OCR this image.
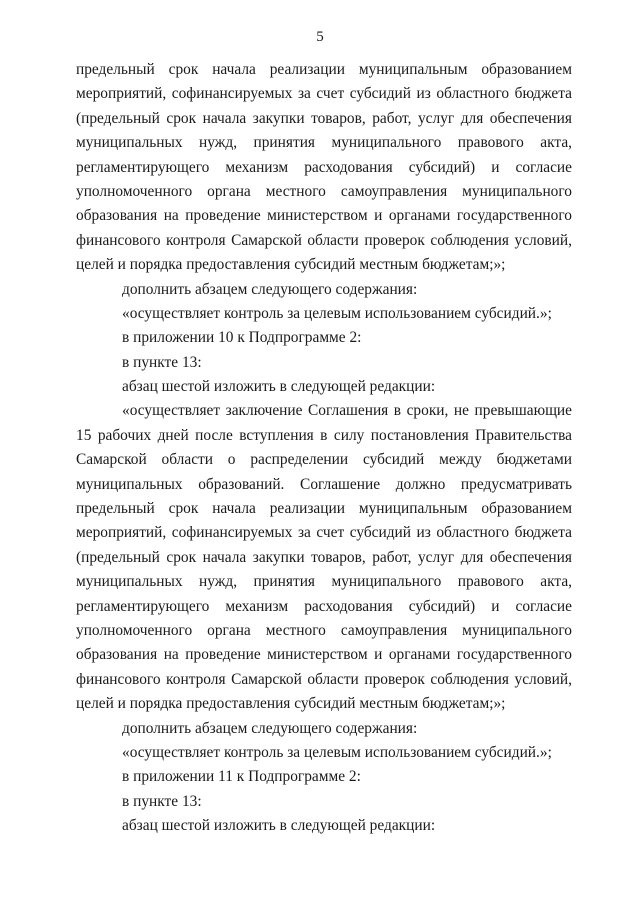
5
предельный срок начала реализации муниципальным образованием
мероприятий, софинансируемых за счет субсидий из областного бюджета
(предельный срок начала закупки товаров, работ, услуг для обеспечения
муниципальных нужд, принятия муниципального правового акта,
регламентирующего механизм расходования субсидий) и согласие
уполномоченного органа местного самоуправления муниципального
образования на проведение министерством и органами государственного
финансового контроля Самарской области проверок соблюдения условий,
целей и порядка предоставления субсидий местным бюджетам;»;
дополнить абзацем следующего содержания:
«осуществляет контроль за целевым использованием субсидий.»;
в приложении 10 к Подпрограмме 2:
в пункте 13:
абзац шестой изложить в следующей редакции:
«осуществляет заключение Соглашения в сроки, не превышающие
15 рабочих дней после вступления в силу постановления Правительства
Самарской области о распределении субсидий между бюджетами
муниципальных образований. Соглашение должно предусматривать
предельный срок начала реализации муниципальным образованием
мероприятий, софинансируемых за счет субсидий из областного бюджета
(предельный срок начала закупки товаров, работ, услуг для обеспечения
муниципальных нужд, принятия муниципального правового акта,
регламентирующего механизм расходования субсидий) и согласие
уполномоченного органа местного самоуправления муниципального
образования на проведение министерством и органами государственного
финансового контроля Самарской области проверок соблюдения условий,
целей и порядка предоставления субсидий местным бюджетам;»;
дополнить абзацем следующего содержания:
«осуществляет контроль за целевым использованием субсидий.»;
в приложении 11 к Подпрограмме 2:
в пункте 13:
абзац шестой изложить в следующей редакции:
